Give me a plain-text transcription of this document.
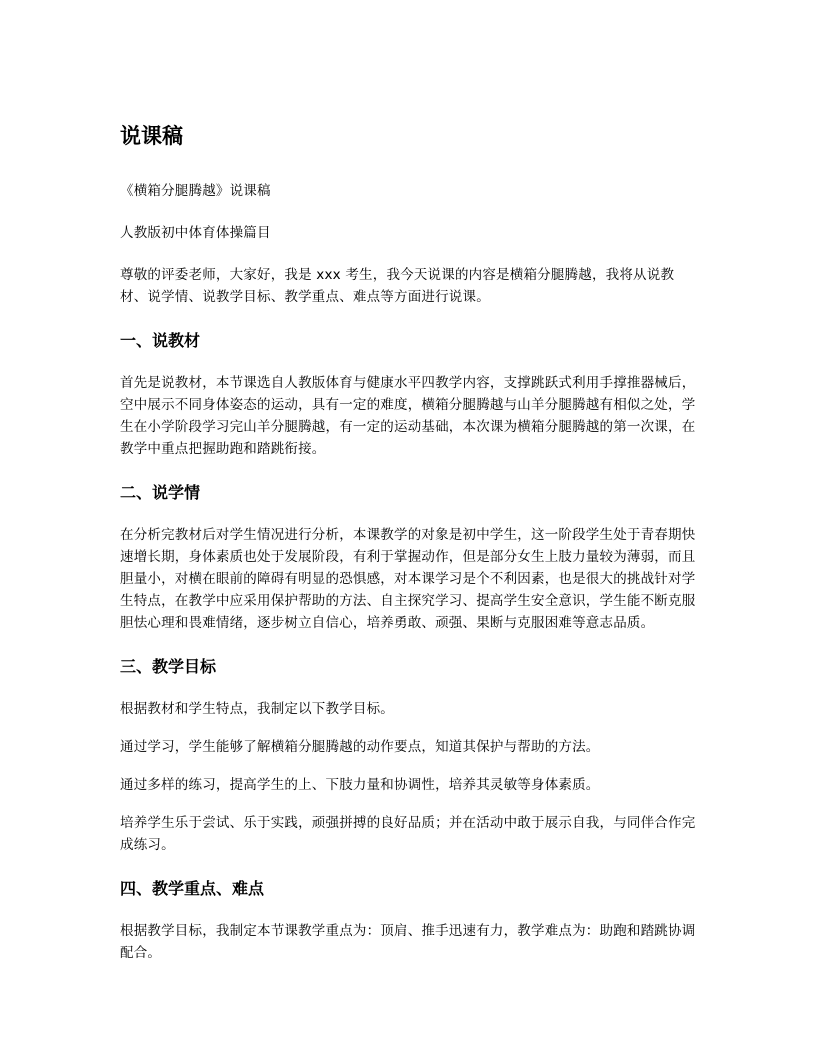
说课稿

《横箱分腿腾越》说课稿

人教版初中体育体操篇目

尊敬的评委老师，大家好，我是 xxx 考生，我今天说课的内容是横箱分腿腾越，我将从说教材、说学情、说教学目标、教学重点、难点等方面进行说课。

一、说教材

首先是说教材，本节课选自人教版体育与健康水平四教学内容，支撑跳跃式利用手撑推器械后，空中展示不同身体姿态的运动，具有一定的难度，横箱分腿腾越与山羊分腿腾越有相似之处，学生在小学阶段学习完山羊分腿腾越，有一定的运动基础，本次课为横箱分腿腾越的第一次课，在教学中重点把握助跑和踏跳衔接。

二、说学情

在分析完教材后对学生情况进行分析，本课教学的对象是初中学生，这一阶段学生处于青春期快速增长期，身体素质也处于发展阶段，有利于掌握动作，但是部分女生上肢力量较为薄弱，而且胆量小，对横在眼前的障碍有明显的恐惧感，对本课学习是个不利因素，也是很大的挑战针对学生特点，在教学中应采用保护帮助的方法、自主探究学习、提高学生安全意识，学生能不断克服胆怯心理和畏难情绪，逐步树立自信心，培养勇敢、顽强、果断与克服困难等意志品质。

三、教学目标

根据教材和学生特点，我制定以下教学目标。

通过学习，学生能够了解横箱分腿腾越的动作要点，知道其保护与帮助的方法。

通过多样的练习，提高学生的上、下肢力量和协调性，培养其灵敏等身体素质。

培养学生乐于尝试、乐于实践，顽强拼搏的良好品质；并在活动中敢于展示自我，与同伴合作完成练习。

四、教学重点、难点

根据教学目标，我制定本节课教学重点为：顶肩、推手迅速有力，教学难点为：助跑和踏跳协调配合。
